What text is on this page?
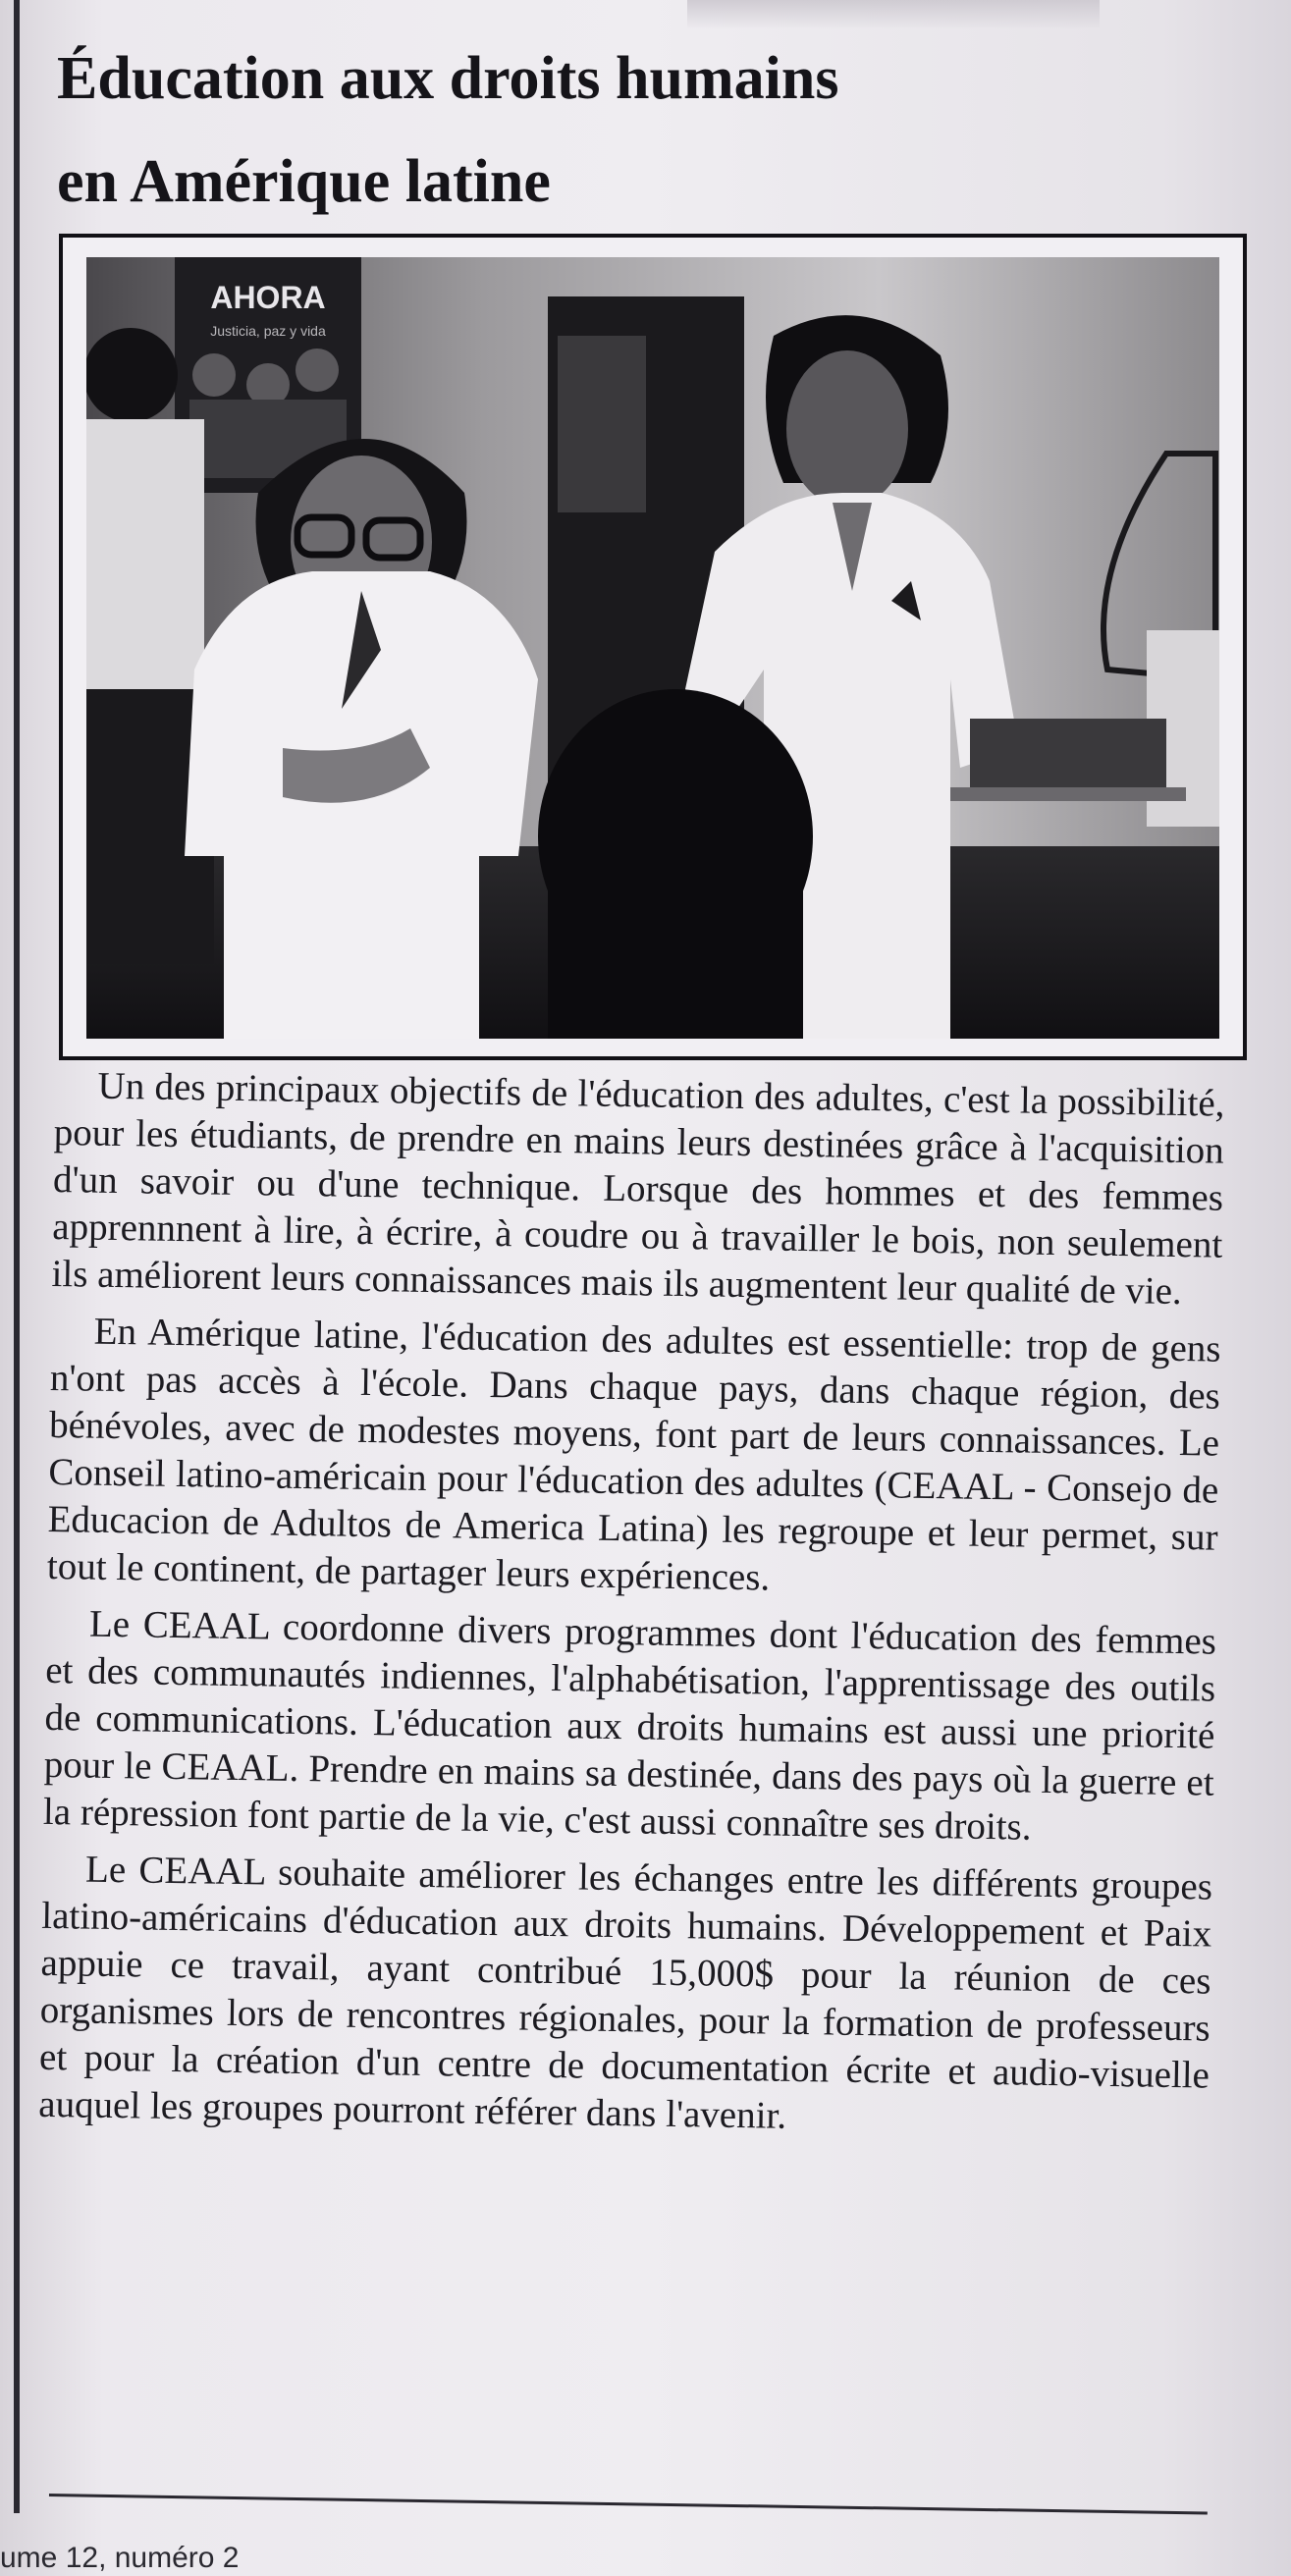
Éducation aux droits humains
en Amérique latine
AHORA
Justicia, paz y vida

Un des principaux objectifs de l'éducation des adultes, c'est la possibilité, pour les étudiants, de prendre en mains leurs destinées grâce à l'acquisition d'un savoir ou d'une technique. Lorsque des hommes et des femmes apprennnent à lire, à écrire, à coudre ou à travailler le bois, non seulement ils améliorent leurs connaissances mais ils augmentent leur qualité de vie.

En Amérique latine, l'éducation des adultes est essentielle: trop de gens n'ont pas accès à l'école. Dans chaque pays, dans chaque région, des bénévoles, avec de modestes moyens, font part de leurs connaissances. Le Conseil latino-américain pour l'éducation des adultes (CEAAL - Consejo de Educacion de Adultos de America Latina) les regroupe et leur permet, sur tout le continent, de partager leurs expériences.

Le CEAAL coordonne divers programmes dont l'éducation des femmes et des communautés indiennes, l'alphabétisation, l'apprentissage des outils de communications. L'éducation aux droits humains est aussi une priorité pour le CEAAL. Prendre en mains sa destinée, dans des pays où la guerre et la répression font partie de la vie, c'est aussi connaître ses droits.

Le CEAAL souhaite améliorer les échanges entre les différents groupes latino-américains d'éducation aux droits humains. Développement et Paix appuie ce travail, ayant contribué 15,000$ pour la réunion de ces organismes lors de rencontres régionales, pour la formation de professeurs et pour la création d'un centre de documentation écrite et audio-visuelle auquel les groupes pourront référer dans l'avenir.

ume 12, numéro 2
